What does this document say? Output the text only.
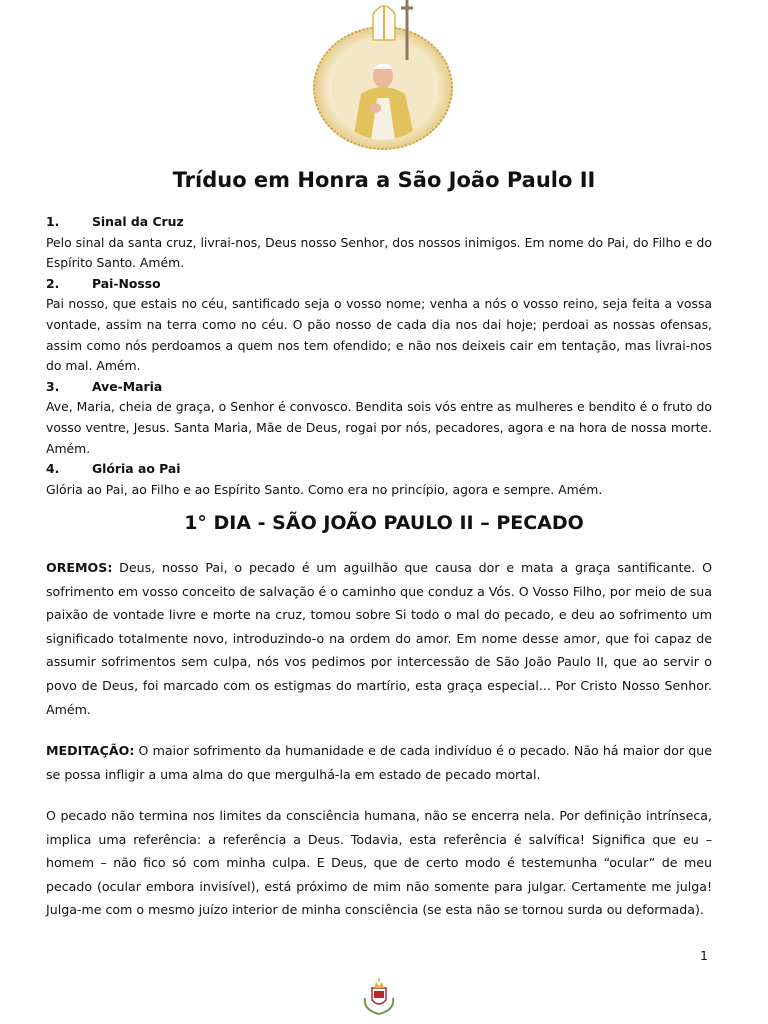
Tríduo em Honra a São João Paulo II
1.	Sinal da Cruz
Pelo sinal da santa cruz, livrai-nos, Deus nosso Senhor, dos nossos inimigos. Em nome do Pai, do Filho e do Espírito Santo. Amém.
2.	Pai-Nosso
Pai nosso, que estais no céu, santificado seja o vosso nome; venha a nós o vosso reino, seja feita a vossa vontade, assim na terra como no céu. O pão nosso de cada dia nos dai hoje; perdoai as nossas ofensas, assim como nós perdoamos a quem nos tem ofendido; e não nos deixeis cair em tentação, mas livrai-nos do mal. Amém.
3.	Ave-Maria
Ave, Maria, cheia de graça, o Senhor é convosco. Bendita sois vós entre as mulheres e bendito é o fruto do vosso ventre, Jesus. Santa Maria, Mãe de Deus, rogai por nós, pecadores, agora e na hora de nossa morte. Amém.
4.	Glória ao Pai
Glória ao Pai, ao Filho e ao Espírito Santo. Como era no princípio, agora e sempre. Amém.
1° DIA - SÃO JOÃO PAULO II – PECADO
OREMOS: Deus, nosso Pai, o pecado é um aguilhão que causa dor e mata a graça santificante. O sofrimento em vosso conceito de salvação é o caminho que conduz a Vós. O Vosso Filho, por meio de sua paixão de vontade livre e morte na cruz, tomou sobre Si todo o mal do pecado, e deu ao sofrimento um significado totalmente novo, introduzindo-o na ordem do amor. Em nome desse amor, que foi capaz de assumir sofrimentos sem culpa, nós vos pedimos por intercessão de São João Paulo II, que ao servir o povo de Deus, foi marcado com os estigmas do martírio, esta graça especial... Por Cristo Nosso Senhor. Amém.
MEDITAÇÃO: O maior sofrimento da humanidade e de cada indivíduo é o pecado. Não há maior dor que se possa infligir a uma alma do que mergulhá-la em estado de pecado mortal.
O pecado não termina nos limites da consciência humana, não se encerra nela. Por definição intrínseca, implica uma referência: a referência a Deus. Todavia, esta referência é salvífica! Significa que eu – homem – não fico só com minha culpa. E Deus, que de certo modo é testemunha “ocular” de meu pecado (ocular embora invisível), está próximo de mim não somente para julgar. Certamente me julga! Julga-me com o mesmo juízo interior de minha consciência (se esta não se tornou surda ou deformada).
1
